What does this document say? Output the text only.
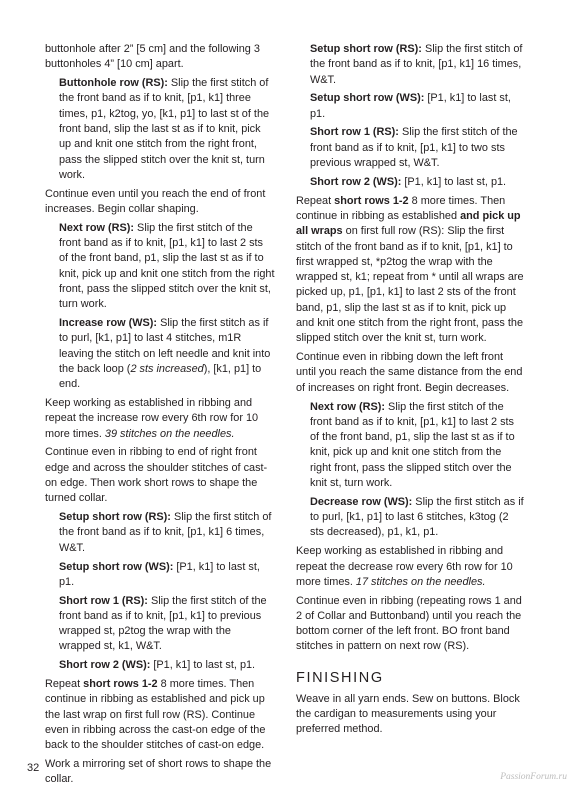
buttonhole after 2” [5 cm] and the following 3 buttonholes 4” [10 cm] apart.

Buttonhole row (RS): Slip the first stitch of the front band as if to knit, [p1, k1] three times, p1, k2tog, yo, [k1, p1] to last st of the front band, slip the last st as if to knit, pick up and knit one stitch from the right front, pass the slipped stitch over the knit st, turn work.

Continue even until you reach the end of front increases. Begin collar shaping.

Next row (RS): Slip the first stitch of the front band as if to knit, [p1, k1] to last 2 sts of the front band, p1, slip the last st as if to knit, pick up and knit one stitch from the right front, pass the slipped stitch over the knit st, turn work.

Increase row (WS): Slip the first stitch as if to purl, [k1, p1] to last 4 stitches, m1R leaving the stitch on left needle and knit into the back loop (2 sts increased), [k1, p1] to end.

Keep working as established in ribbing and repeat the increase row every 6th row for 10 more times. 39 stitches on the needles.

Continue even in ribbing to end of right front edge and across the shoulder stitches of cast-on edge. Then work short rows to shape the turned collar.

Setup short row (RS): Slip the first stitch of the front band as if to knit, [p1, k1] 6 times, W&T.

Setup short row (WS): [P1, k1] to last st, p1.

Short row 1 (RS): Slip the first stitch of the front band as if to knit, [p1, k1] to previous wrapped st, p2tog the wrap with the wrapped st, k1, W&T.

Short row 2 (WS): [P1, k1] to last st, p1.

Repeat short rows 1-2 8 more times. Then continue in ribbing as established and pick up the last wrap on first full row (RS). Continue even in ribbing across the cast-on edge of the back to the shoulder stitches of cast-on edge.

Work a mirroring set of short rows to shape the collar.

Setup short row (RS): Slip the first stitch of the front band as if to knit, [p1, k1] 16 times, W&T.

Setup short row (WS): [P1, k1] to last st, p1.

Short row 1 (RS): Slip the first stitch of the front band as if to knit, [p1, k1] to two sts previous wrapped st, W&T.

Short row 2 (WS): [P1, k1] to last st, p1.

Repeat short rows 1-2 8 more times. Then continue in ribbing as established and pick up all wraps on first full row (RS): Slip the first stitch of the front band as if to knit, [p1, k1] to first wrapped st, *p2tog the wrap with the wrapped st, k1; repeat from * until all wraps are picked up, p1, [p1, k1] to last 2 sts of the front band, p1, slip the last st as if to knit, pick up and knit one stitch from the right front, pass the slipped stitch over the knit st, turn work.

Continue even in ribbing down the left front until you reach the same distance from the end of increases on right front. Begin decreases.

Next row (RS): Slip the first stitch of the front band as if to knit, [p1, k1] to last 2 sts of the front band, p1, slip the last st as if to knit, pick up and knit one stitch from the right front, pass the slipped stitch over the knit st, turn work.

Decrease row (WS): Slip the first stitch as if to purl, [k1, p1] to last 6 stitches, k3tog (2 sts decreased), p1, k1, p1.

Keep working as established in ribbing and repeat the decrease row every 6th row for 10 more times. 17 stitches on the needles.

Continue even in ribbing (repeating rows 1 and 2 of Collar and Buttonband) until you reach the bottom corner of the left front. BO front band stitches in pattern on next row (RS).

FINISHING

Weave in all yarn ends. Sew on buttons. Block the cardigan to measurements using your preferred method.

32
PassionForum.ru
